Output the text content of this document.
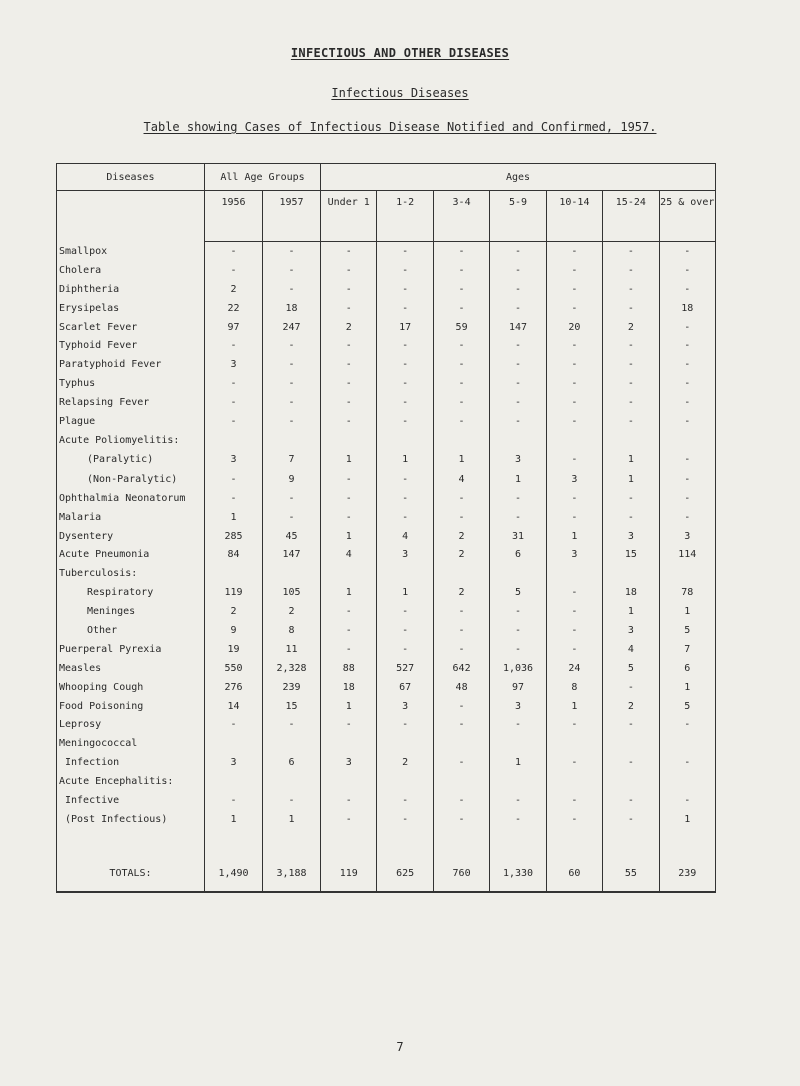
INFECTIOUS AND OTHER DISEASES
Infectious Diseases
Table showing Cases of Infectious Disease Notified and Confirmed, 1957.
Diseases	All Age Groups		Ages						
	1956	1957	Under 1	1-2	3-4	5-9	10-14	15-24	25 & over
Smallpox	-	-	-	-	-	-	-	-	-
Cholera	-	-	-	-	-	-	-	-	-
Diphtheria	2	-	-	-	-	-	-	-	-
Erysipelas	22	18	-	-	-	-	-	-	18
Scarlet Fever	97	247	2	17	59	147	20	2	-
Typhoid Fever	-	-	-	-	-	-	-	-	-
Paratyphoid Fever	3	-	-	-	-	-	-	-	-
Typhus	-	-	-	-	-	-	-	-	-
Relapsing Fever	-	-	-	-	-	-	-	-	-
Plague	-	-	-	-	-	-	-	-	-
Acute Poliomyelitis:									
(Paralytic)	3	7	1	1	1	3	-	1	-
(Non-Paralytic)	-	9	-	-	4	1	3	1	-
Ophthalmia Neonatorum	-	-	-	-	-	-	-	-	-
Malaria	1	-	-	-	-	-	-	-	-
Dysentery	285	45	1	4	2	31	1	3	3
Acute Pneumonia	84	147	4	3	2	6	3	15	114
Tuberculosis:									
Respiratory	119	105	1	1	2	5	-	18	78
Meninges	2	2	-	-	-	-	-	1	1
Other	9	8	-	-	-	-	-	3	5
Puerperal Pyrexia	19	11	-	-	-	-	-	4	7
Measles	550	2,328	88	527	642	1,036	24	5	6
Whooping Cough	276	239	18	67	48	97	8	-	1
Food Poisoning	14	15	1	3	-	3	1	2	5
Leprosy	-	-	-	-	-	-	-	-	-
Meningococcal									
Infection	3	6	3	2	-	1	-	-	-
Acute Encephalitis:									
Infective	-	-	-	-	-	-	-	-	-
(Post Infectious)	1	1	-	-	-	-	-	-	1

TOTALS:	1,490	3,188	119	625	760	1,330	60	55	239
7
